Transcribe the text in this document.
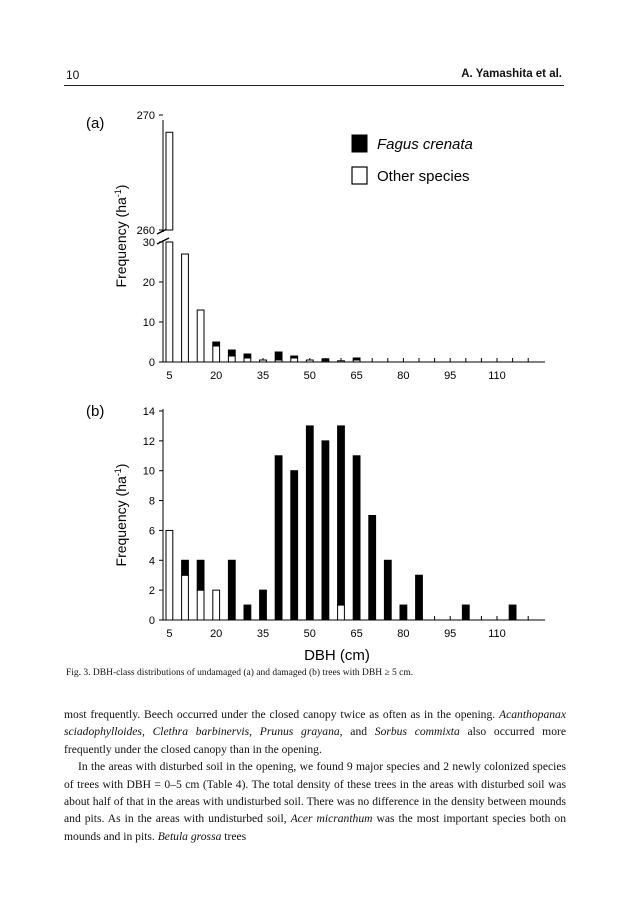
10	A. Yamashita et al.
(a)
Frequency $(ha^{-1})$
0
10
20
30
260
270
5	20	35	50	65	80	95	110
(b)
Frequency $(ha^{-1})$
0
2
4
6
8
10
12
14
5	20	35	50	65	80	95	110
DBH (cm)
Fagus crenata
Other species
Fig. 3. DBH-class distributions of undamaged (a) and damaged (b) trees with DBH ≥ 5 cm.

most frequently. Beech occurred under the closed canopy twice as often as in the opening. Acanthopanax sciadophylloides, Clethra barbinervis, Prunus grayana, and Sorbus commixta also occurred more frequently under the closed canopy than in the opening.

In the areas with disturbed soil in the opening, we found 9 major species and 2 newly colonized species of trees with DBH = 0–5 cm (Table 4). The total density of these trees in the areas with disturbed soil was about half of that in the areas with undisturbed soil. There was no difference in the density between mounds and pits. As in the areas with undisturbed soil, Acer micranthum was the most important species both on mounds and in pits. Betula grossa trees
